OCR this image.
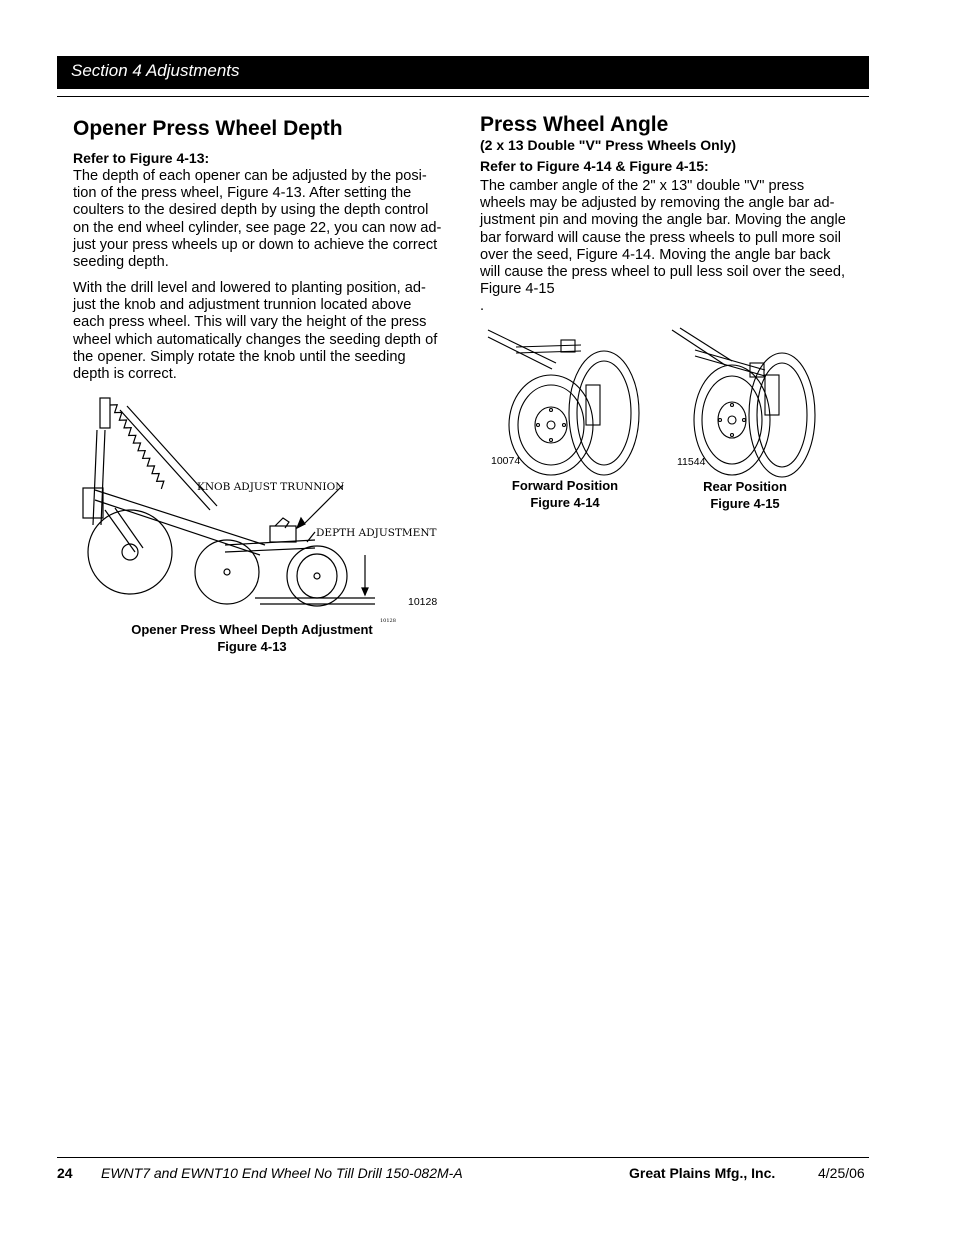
Section 4 Adjustments
Opener Press Wheel Depth
Refer to Figure 4-13:

The depth of each opener can be adjusted by the posi-

tion of the press wheel, Figure 4-13. After setting the

coulters to the desired depth by using the depth control

on the end wheel cylinder, see page 22, you can now ad-

just your press wheels up or down to achieve the correct

seeding depth.

With the drill level and lowered to planting position, ad-

just the knob and adjustment trunnion located above

each press wheel. This will vary the height of the press

wheel which automatically changes the seeding depth of

the opener. Simply rotate the knob until the seeding

depth is correct.

KNOB ADJUST TRUNNION
DEPTH ADJUSTMENT
10128
10128
Opener Press Wheel Depth Adjustment
Figure 4-13
Press Wheel Angle
(2 x 13 Double "V" Press Wheels Only)
Refer to Figure 4-14 & Figure 4-15:

The camber angle of the 2" x 13" double "V" press

wheels may be adjusted by removing the angle bar ad-

justment pin and moving the angle bar. Moving the angle

bar forward will cause the press wheels to pull more soil

over the seed, Figure 4-14. Moving the angle bar back

will cause the press wheel to pull less soil over the seed,

Figure 4-15

.

10074
Forward Position
Figure 4-14
11544
Rear Position
Figure 4-15
24 EWNT7 and EWNT10 End Wheel No Till Drill 150-082M-A	Great Plains Mfg., Inc.	4/25/06
